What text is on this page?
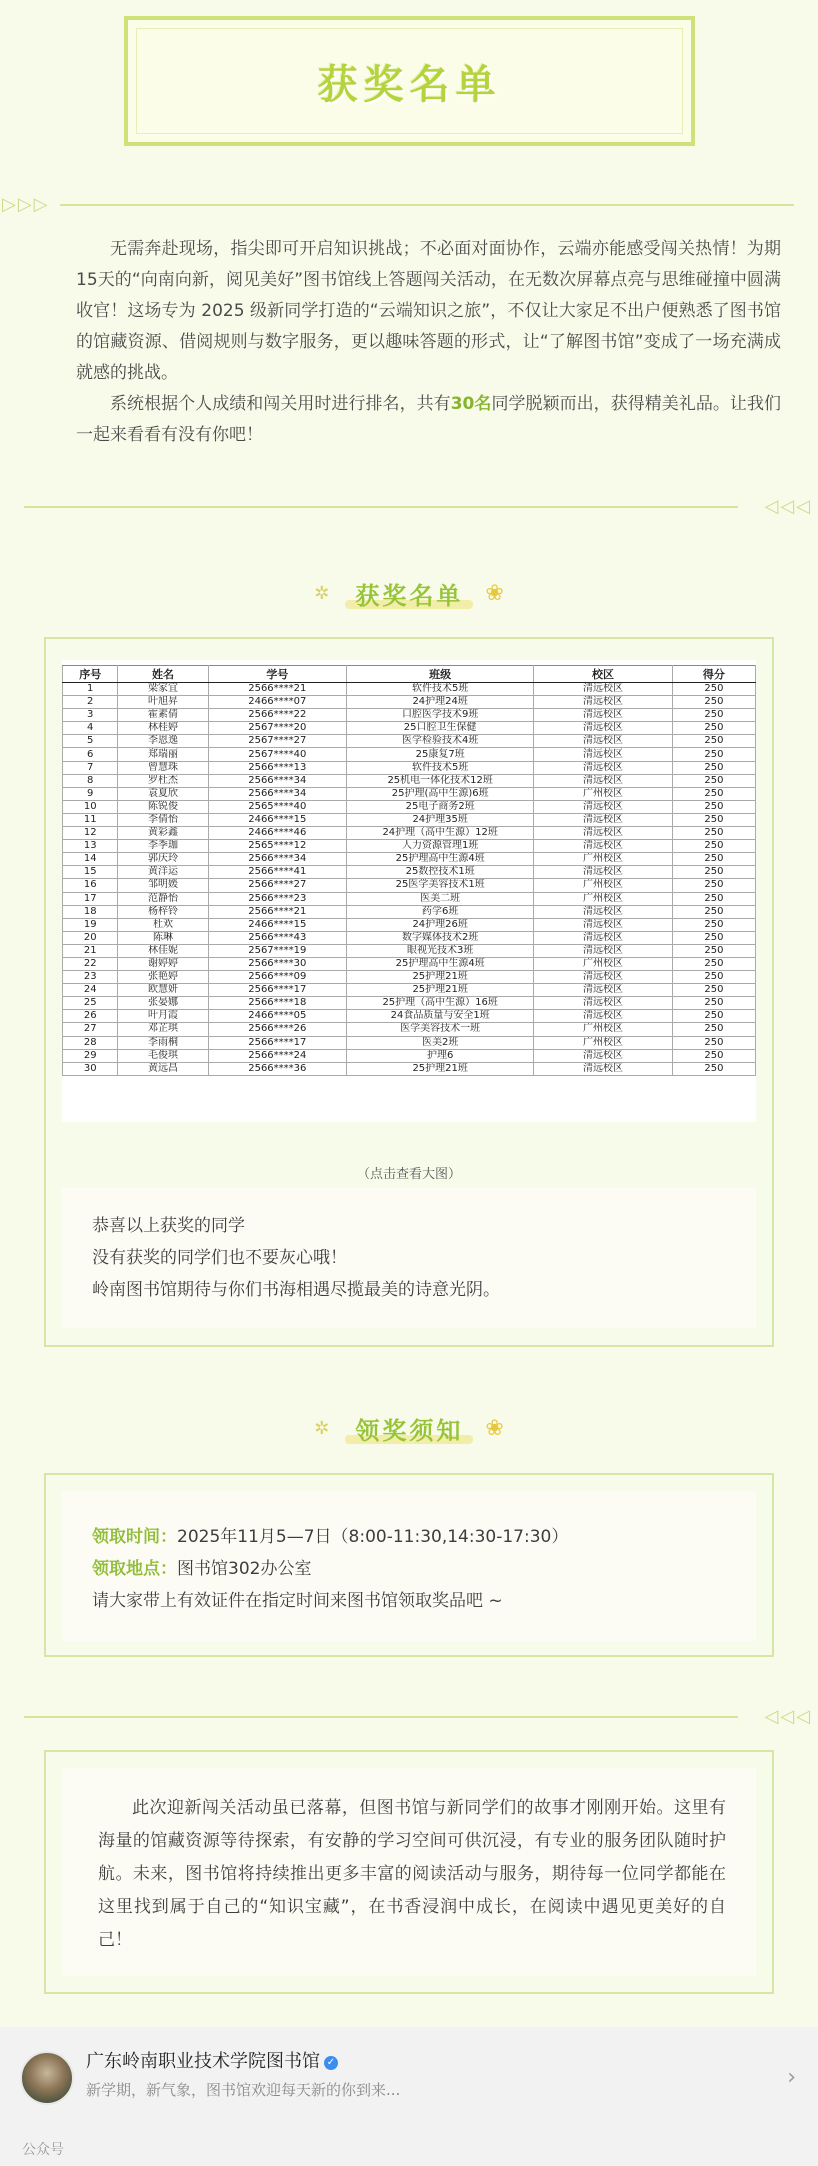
获奖名单
▷▷▷

无需奔赴现场，指尖即可开启知识挑战；不必面对面协作，云端亦能感受闯关热情！为期15天的“向南向新，阅见美好”图书馆线上答题闯关活动，在无数次屏幕点亮与思维碰撞中圆满收官！这场专为 2025 级新同学打造的“云端知识之旅”，不仅让大家足不出户便熟悉了图书馆的馆藏资源、借阅规则与数字服务，更以趣味答题的形式，让“了解图书馆”变成了一场充满成就感的挑战。

系统根据个人成绩和闯关用时进行排名，共有30名同学脱颖而出，获得精美礼品。让我们一起来看看有没有你吧！

◁◁◁
✲	获奖名单	❀
序号	姓名	学号	班级	校区	得分
1	梁家宜	2566****21	软件技术5班	清远校区	250
2	叶旭昇	2466****07	24护理24班	清远校区	250
3	霍素倩	2566****22	口腔医学技术9班	清远校区	250
4	林桂婷	2567****20	25口腔卫生保健	清远校区	250
5	李恩逸	2567****27	医学检验技术4班	清远校区	250
6	郑瑞丽	2567****40	25康复7班	清远校区	250
7	曾慧珠	2566****13	软件技术5班	清远校区	250
8	罗杜杰	2566****34	25机电一体化技术12班	清远校区	250
9	袁夏欣	2566****34	25护理(高中生源)6班	广州校区	250
10	陈锐俊	2565****40	25电子商务2班	清远校区	250
11	李倩怡	2466****15	24护理35班	清远校区	250
12	黄彩鑫	2466****46	24护理（高中生源）12班	清远校区	250
13	李季珈	2565****12	人力资源管理1班	清远校区	250
14	郭庆玲	2566****34	25护理高中生源4班	广州校区	250
15	黄洋运	2566****41	25数控技术1班	清远校区	250
16	邹明媛	2566****27	25医学美容技术1班	广州校区	250
17	范静怡	2566****23	医美二班	广州校区	250
18	杨梓铃	2566****21	药学6班	清远校区	250
19	杜欢	2466****15	24护理26班	清远校区	250
20	陈琳	2566****43	数字媒体技术2班	清远校区	250
21	林佳妮	2567****19	眼视光技术3班	清远校区	250
22	谢婷婷	2566****30	25护理高中生源4班	广州校区	250
23	张艳婷	2566****09	25护理21班	清远校区	250
24	欧慧妍	2566****17	25护理21班	清远校区	250
25	张晏娜	2566****18	25护理（高中生源）16班	清远校区	250
26	叶月霞	2466****05	24食品质量与安全1班	清远校区	250
27	邓芷琪	2566****26	医学美容技术一班	广州校区	250
28	李雨桐	2566****17	医美2班	广州校区	250
29	毛俊琪	2566****24	护理6	清远校区	250
30	黄远昌	2566****36	25护理21班	清远校区	250
（点击查看大图）
恭喜以上获奖的同学
没有获奖的同学们也不要灰心哦！
岭南图书馆期待与你们书海相遇尽揽最美的诗意光阴。
✲	领奖须知	❀
领取时间：2025年11月5—7日（8:00-11:30,14:30-17:30）
领取地点：图书馆302办公室
请大家带上有效证件在指定时间来图书馆领取奖品吧 ~
◁◁◁
此次迎新闯关活动虽已落幕，但图书馆与新同学们的故事才刚刚开始。这里有海量的馆藏资源等待探索，有安静的学习空间可供沉浸，有专业的服务团队随时护航。未来，图书馆将持续推出更多丰富的阅读活动与服务，期待每一位同学都能在这里找到属于自己的“知识宝藏”，在书香浸润中成长，在阅读中遇见更美好的自己！
广东岭南职业技术学院图书馆 ✓
新学期，新气象，图书馆欢迎每天新的你到来...	›
公众号
